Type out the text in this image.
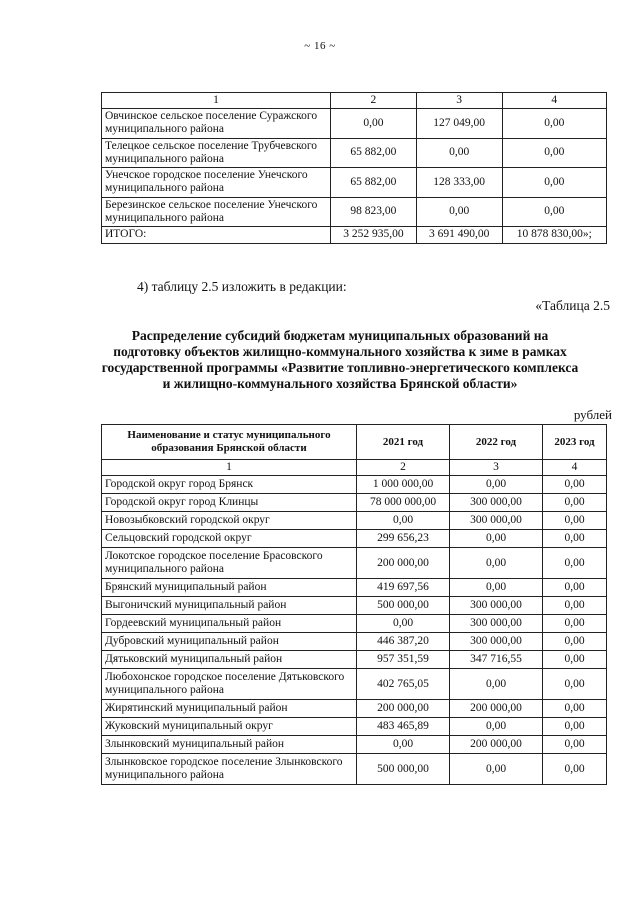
~ 16 ~
1	2	3	4
Овчинское сельское поселение Суражского муниципального района	0,00	127 049,00	0,00
Телецкое сельское поселение Трубчевского муниципального района	65 882,00	0,00	0,00
Унечское городское поселение Унечского муниципального района	65 882,00	128 333,00	0,00
Березинское сельское поселение Унечского муниципального района	98 823,00	0,00	0,00
ИТОГО:	3 252 935,00	3 691 490,00	10 878 830,00»;
4) таблицу 2.5 изложить в редакции:
«Таблица 2.5
Распределение субсидий бюджетам муниципальных образований на подготовку объектов жилищно-коммунального хозяйства к зиме в рамках государственной программы «Развитие топливно-энергетического комплекса и жилищно-коммунального хозяйства Брянской области»
рублей
Наименование и статус муниципального образования Брянской области	2021 год	2022 год	2023 год
1	2	3	4
Городской округ город Брянск	1 000 000,00	0,00	0,00
Городской округ город Клинцы	78 000 000,00	300 000,00	0,00
Новозыбковский городской округ	0,00	300 000,00	0,00
Сельцовский городской округ	299 656,23	0,00	0,00
Локотское городское поселение Брасовского муниципального района	200 000,00	0,00	0,00
Брянский муниципальный район	419 697,56	0,00	0,00
Выгоничский муниципальный район	500 000,00	300 000,00	0,00
Гордеевский муниципальный район	0,00	300 000,00	0,00
Дубровский муниципальный район	446 387,20	300 000,00	0,00
Дятьковский муниципальный район	957 351,59	347 716,55	0,00
Любохонское городское поселение Дятьковского муниципального района	402 765,05	0,00	0,00
Жирятинский муниципальный район	200 000,00	200 000,00	0,00
Жуковский муниципальный округ	483 465,89	0,00	0,00
Злынковский муниципальный район	0,00	200 000,00	0,00
Злынковское городское поселение Злынковского муниципального района	500 000,00	0,00	0,00
